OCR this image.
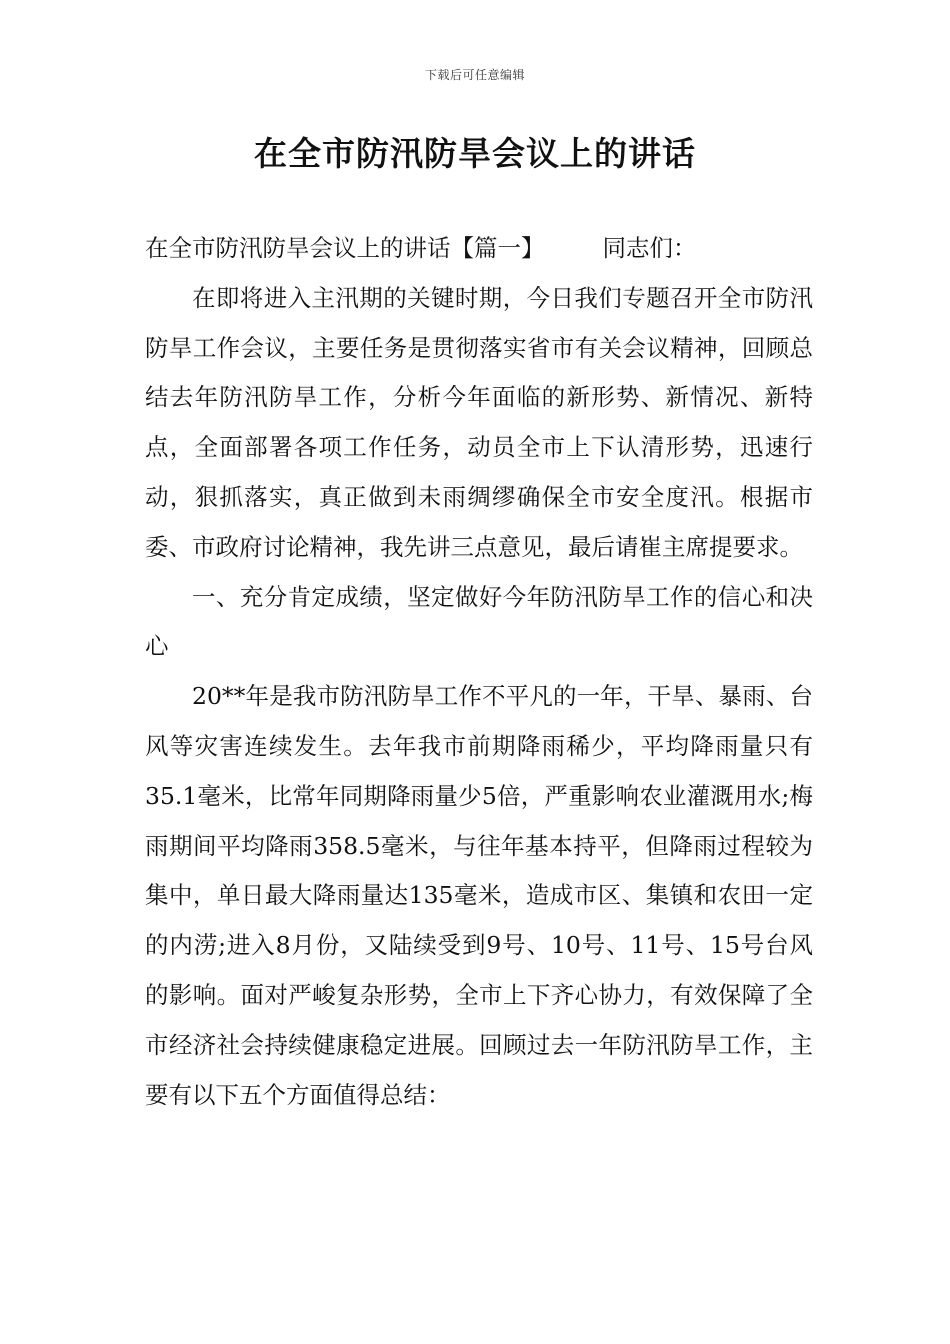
下载后可任意编辑
在全市防汛防旱会议上的讲话

在全市防汛防旱会议上的讲话【篇一】 同志们：

在即将进入主汛期的关键时期，今日我们专题召开全市防汛防旱工作会议，主要任务是贯彻落实省市有关会议精神，回顾总结去年防汛防旱工作，分析今年面临的新形势、新情况、新特点，全面部署各项工作任务，动员全市上下认清形势，迅速行动，狠抓落实，真正做到未雨绸缪确保全市安全度汛。根据市委、市政府讨论精神，我先讲三点意见，最后请崔主席提要求。

一、充分肯定成绩，坚定做好今年防汛防旱工作的信心和决心

20**年是我市防汛防旱工作不平凡的一年，干旱、暴雨、台风等灾害连续发生。去年我市前期降雨稀少，平均降雨量只有35.1毫米，比常年同期降雨量少5倍，严重影响农业灌溉用水;梅雨期间平均降雨358.5毫米，与往年基本持平，但降雨过程较为集中，单日最大降雨量达135毫米，造成市区、集镇和农田一定的内涝;进入8月份，又陆续受到9号、10号、11号、15号台风的影响。面对严峻复杂形势，全市上下齐心协力，有效保障了全市经济社会持续健康稳定进展。回顾过去一年防汛防旱工作，主要有以下五个方面值得总结：
